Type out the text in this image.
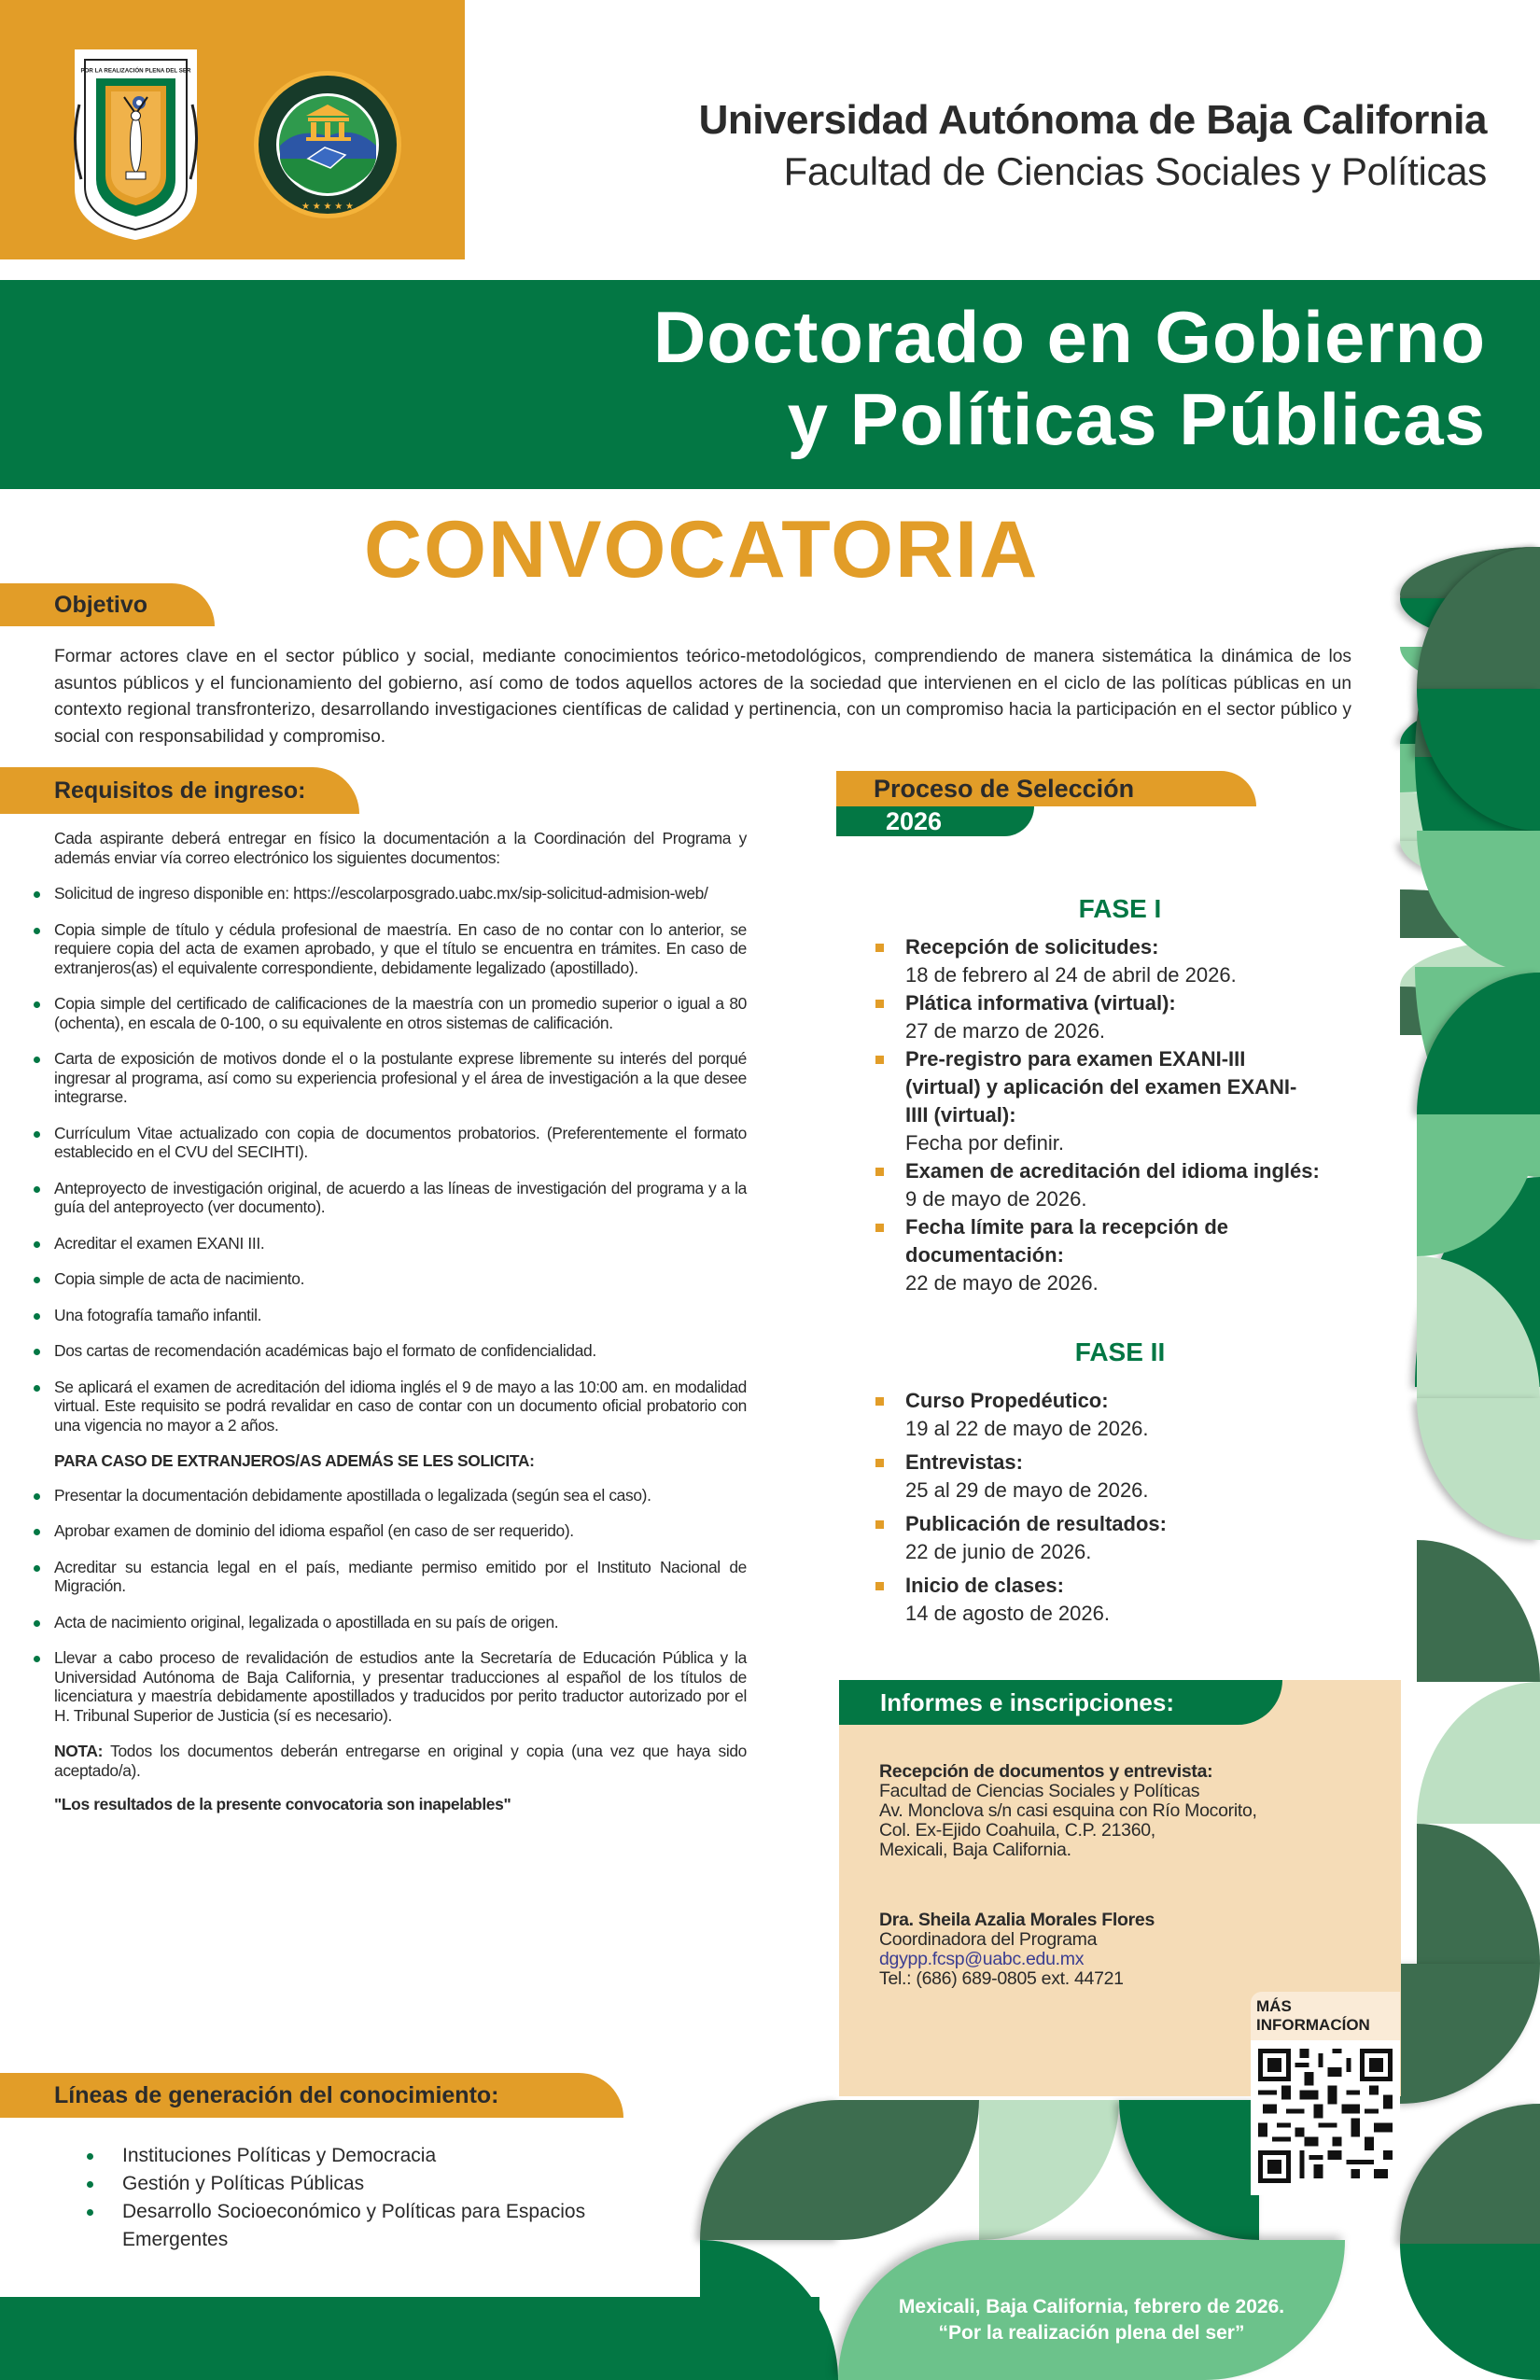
POR LA REALIZACIÓN PLENA DEL SER
★ ★ ★ ★ ★
Universidad Autónoma de Baja California
Facultad de Ciencias Sociales y Políticas
Doctorado en Gobierno
y Políticas Públicas
CONVOCATORIA
Objetivo

Formar actores clave en el sector público y social, mediante conocimientos teórico-metodológicos, comprendiendo de manera sistemática la dinámica de los asuntos públicos y el funcionamiento del gobierno, así como de todos aquellos actores de la sociedad que intervienen en el ciclo de las políticas públicas en un contexto regional transfronterizo, desarrollando investigaciones científicas de calidad y pertinencia, con un compromiso hacia la participación en el sector público y social con responsabilidad y compromiso.

Requisitos de ingreso:

Cada aspirante deberá entregar en físico la documentación a la Coordinación del Programa y además enviar vía correo electrónico los siguientes documentos:

Solicitud de ingreso disponible en: https://escolarposgrado.uabc.mx/sip-solicitud-admision-web/
Copia simple de título y cédula profesional de maestría. En caso de no contar con lo anterior, se requiere copia del acta de examen aprobado, y que el título se encuentra en trámites. En caso de extranjeros(as) el equivalente correspondiente, debidamente legalizado (apostillado).
Copia simple del certificado de calificaciones de la maestría con un promedio superior o igual a 80 (ochenta), en escala de 0-100, o su equivalente en otros sistemas de calificación.
Carta de exposición de motivos donde el o la postulante exprese libremente su interés del porqué ingresar al programa, así como su experiencia profesional y el área de investigación a la que desee integrarse.
Currículum Vitae actualizado con copia de documentos probatorios. (Preferentemente el formato establecido en el CVU del SECIHTI).
Anteproyecto de investigación original, de acuerdo a las líneas de investigación del programa y a la guía del anteproyecto (ver documento).
Acreditar el examen EXANI III.
Copia simple de acta de nacimiento.
Una fotografía tamaño infantil.
Dos cartas de recomendación académicas bajo el formato de confidencialidad.
Se aplicará el examen de acreditación del idioma inglés el 9 de mayo a las 10:00 am. en modalidad virtual. Este requisito se podrá revalidar en caso de contar con un documento oficial probatorio con una vigencia no mayor a 2 años.

PARA CASO DE EXTRANJEROS/AS ADEMÁS SE LES SOLICITA:

Presentar la documentación debidamente apostillada o legalizada (según sea el caso).
Aprobar examen de dominio del idioma español (en caso de ser requerido).
Acreditar su estancia legal en el país, mediante permiso emitido por el Instituto Nacional de Migración.
Acta de nacimiento original, legalizada o apostillada en su país de origen.
Llevar a cabo proceso de revalidación de estudios ante la Secretaría de Educación Pública y la Universidad Autónoma de Baja California, y presentar traducciones al español de los títulos de licenciatura y maestría debidamente apostillados y traducidos por perito traductor autorizado por el H. Tribunal Superior de Justicia (sí es necesario).

NOTA: Todos los documentos deberán entregarse en original y copia (una vez que haya sido aceptado/a).

"Los resultados de la presente convocatoria son inapelables"

Líneas de generación del conocimiento:
Instituciones Políticas y Democracia
Gestión y Políticas Públicas
Desarrollo Socioeconómico y Políticas para Espacios Emergentes
Proceso de Selección
2026
FASE I
Recepción de solicitudes:
18 de febrero al 24 de abril de 2026.
Plática informativa (virtual):
27 de marzo de 2026.
Pre-registro para examen EXANI-III (virtual) y aplicación del examen EXANI-IIII (virtual):
Fecha por definir.
Examen de acreditación del idioma inglés:
9 de mayo de 2026.
Fecha límite para la recepción de documentación:
22 de mayo de 2026.
FASE II
Curso Propedéutico:
19 al 22 de mayo de 2026.
Entrevistas:
25 al 29 de mayo de 2026.
Publicación de resultados:
22 de junio de 2026.
Inicio de clases:
14 de agosto de 2026.
Informes e inscripciones:
Recepción de documentos y entrevista:
Facultad de Ciencias Sociales y Políticas
Av. Monclova s/n casi esquina con Río Mocorito,
Col. Ex-Ejido Coahuila, C.P. 21360,
Mexicali, Baja California.
Dra. Sheila Azalia Morales Flores
Coordinadora del Programa
dgypp.fcsp@uabc.edu.mx
Tel.: (686) 689-0805 ext. 44721
MÁS
INFORMACÍON
Mexicali, Baja California, febrero de 2026.
“Por la realización plena del ser”
